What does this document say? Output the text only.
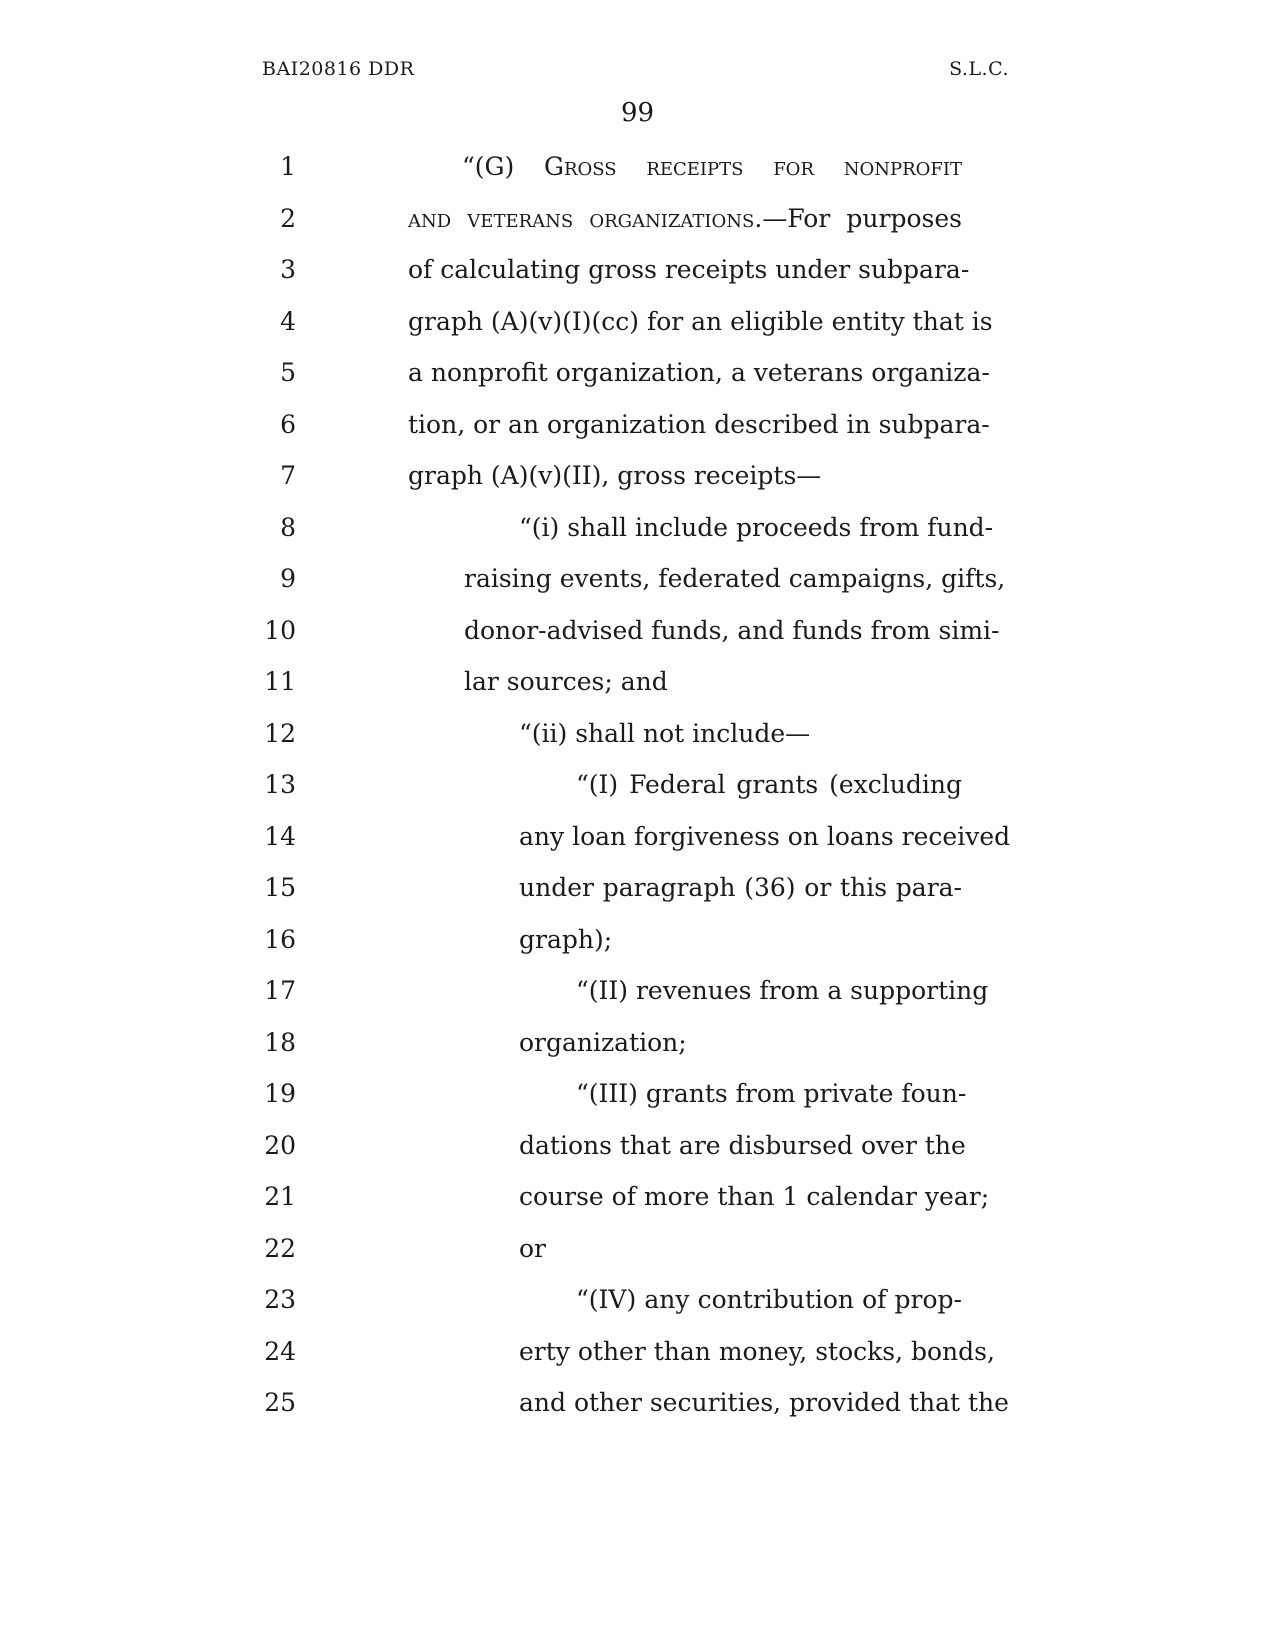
BAI20816 DDR	S.L.C.
99
1	“(G) Gross receipts for nonprofit
2	and veterans organizations.—For purposes
3	of calculating gross receipts under subpara-
4	graph (A)(v)(I)(cc) for an eligible entity that is
5	a nonprofit organization, a veterans organiza-
6	tion, or an organization described in subpara-
7	graph (A)(v)(II), gross receipts—
8	“(i) shall include proceeds from fund-
9	raising events, federated campaigns, gifts,
10	donor-advised funds, and funds from simi-
11	lar sources; and
12	“(ii) shall not include—
13	“(I) Federal grants (excluding
14	any loan forgiveness on loans received
15	under paragraph (36) or this para-
16	graph);
17	“(II) revenues from a supporting
18	organization;
19	“(III) grants from private foun-
20	dations that are disbursed over the
21	course of more than 1 calendar year;
22	or
23	“(IV) any contribution of prop-
24	erty other than money, stocks, bonds,
25	and other securities, provided that the
